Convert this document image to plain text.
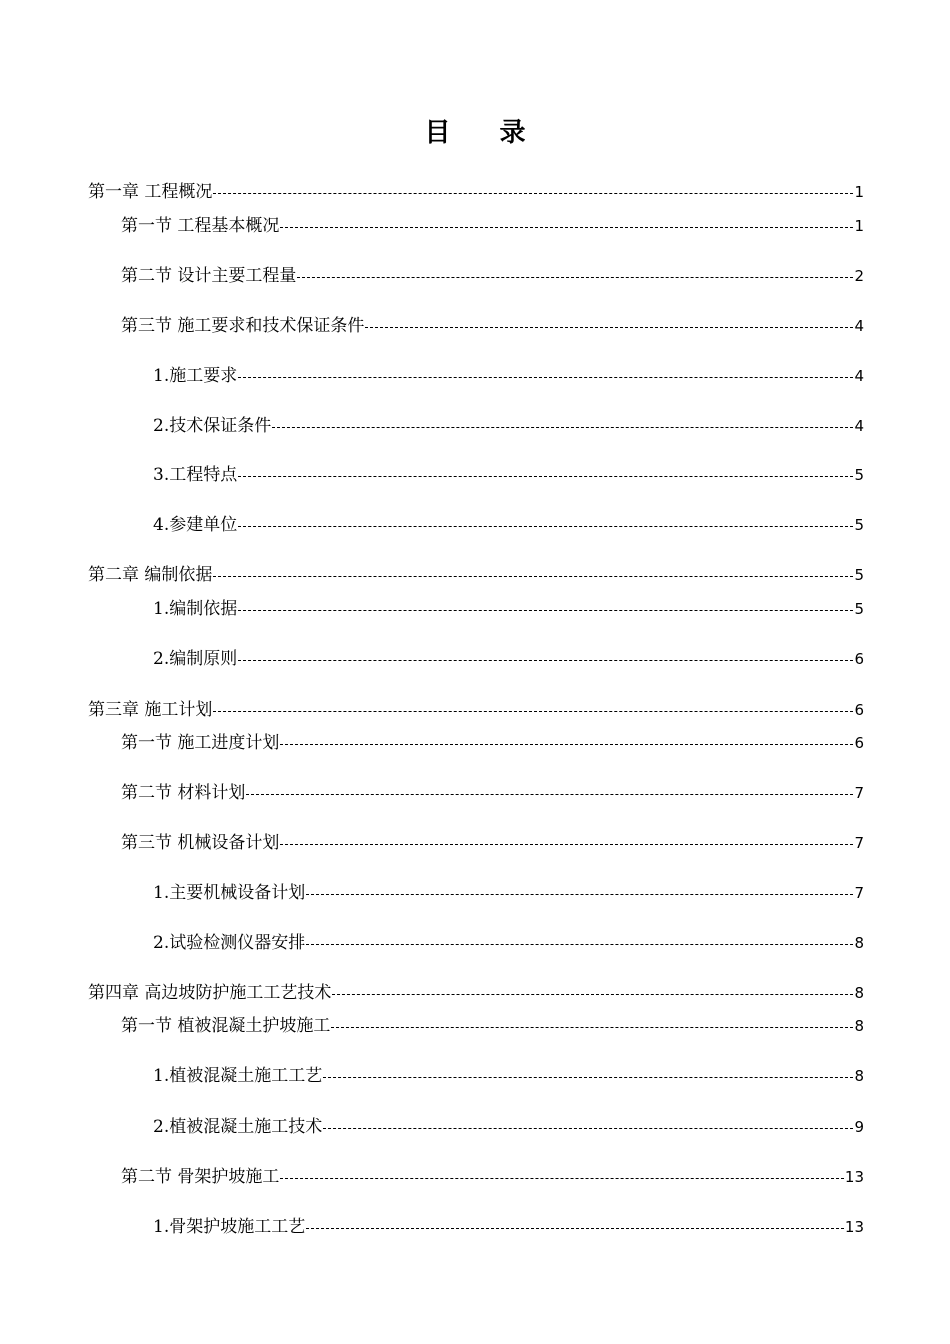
目 录
第一章 工程概况	1
第一节 工程基本概况	1
第二节 设计主要工程量	2
第三节 施工要求和技术保证条件	4
1.施工要求	4
2.技术保证条件	4
3.工程特点	5
4.参建单位	5
第二章 编制依据	5
1.编制依据	5
2.编制原则	6
第三章 施工计划	6
第一节 施工进度计划	6
第二节 材料计划	7
第三节 机械设备计划	7
1.主要机械设备计划	7
2.试验检测仪器安排	8
第四章 高边坡防护施工工艺技术	8
第一节 植被混凝土护坡施工	8
1.植被混凝土施工工艺	8
2.植被混凝土施工技术	9
第二节 骨架护坡施工	13
1.骨架护坡施工工艺	13
